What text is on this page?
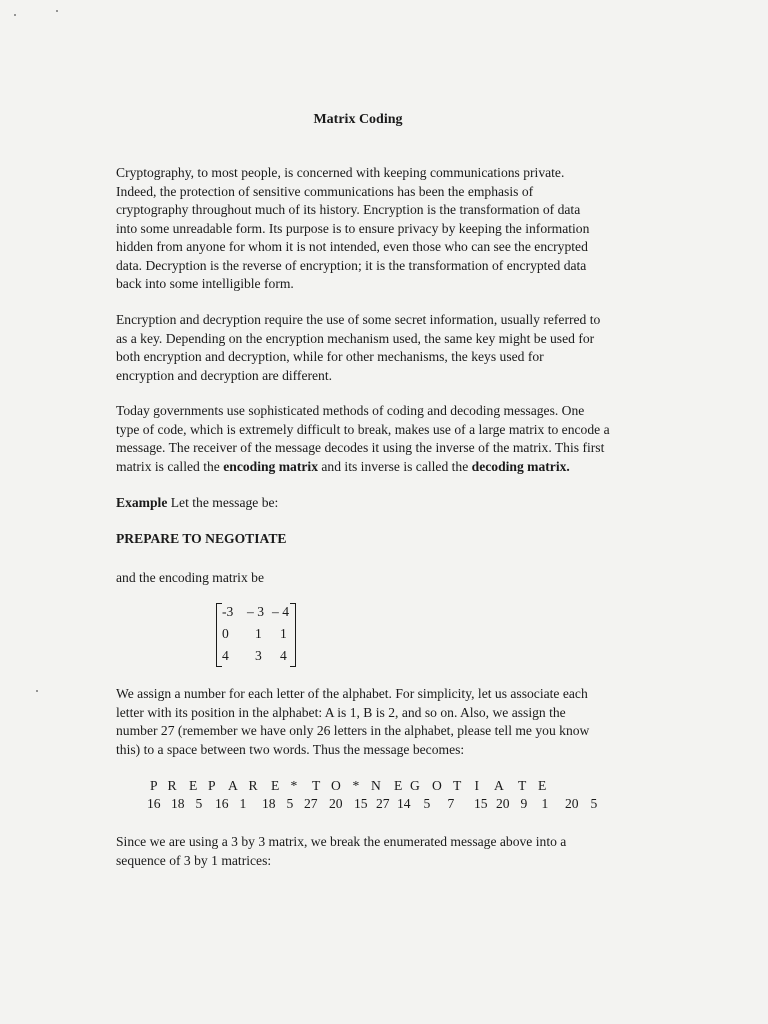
Matrix Coding
Cryptography, to most people, is concerned with keeping communications private.
Indeed, the protection of sensitive communications has been the emphasis of
cryptography throughout much of its history. Encryption is the transformation of data
into some unreadable form. Its purpose is to ensure privacy by keeping the information
hidden from anyone for whom it is not intended, even those who can see the encrypted
data. Decryption is the reverse of encryption; it is the transformation of encrypted data
back into some intelligible form.
Encryption and decryption require the use of some secret information, usually referred to
as a key. Depending on the encryption mechanism used, the same key might be used for
both encryption and decryption, while for other mechanisms, the keys used for
encryption and decryption are different.
Today governments use sophisticated methods of coding and decoding messages. One
type of code, which is extremely difficult to break, makes use of a large matrix to encode a
message. The receiver of the message decodes it using the inverse of the matrix. This first
matrix is called the encoding matrix and its inverse is called the decoding matrix.
Example Let the message be:
PREPARE TO NEGOTIATE
and the encoding matrix be
-3 – 3 – 4
0 1 1
4 3 4
We assign a number for each letter of the alphabet. For simplicity, let us associate each
letter with its position in the alphabet: A is 1, B is 2, and so on. Also, we assign the
number 27 (remember we have only 26 letters in the alphabet, please tell me you know
this) to a space between two words. Thus the message becomes:
P R E P A R E * T O * N E G O T I A T E
16 18 5 16 1 18 5 27 20 15 27 14 5 7 15 20 9 1 20 5
Since we are using a 3 by 3 matrix, we break the enumerated message above into a
sequence of 3 by 1 matrices:
